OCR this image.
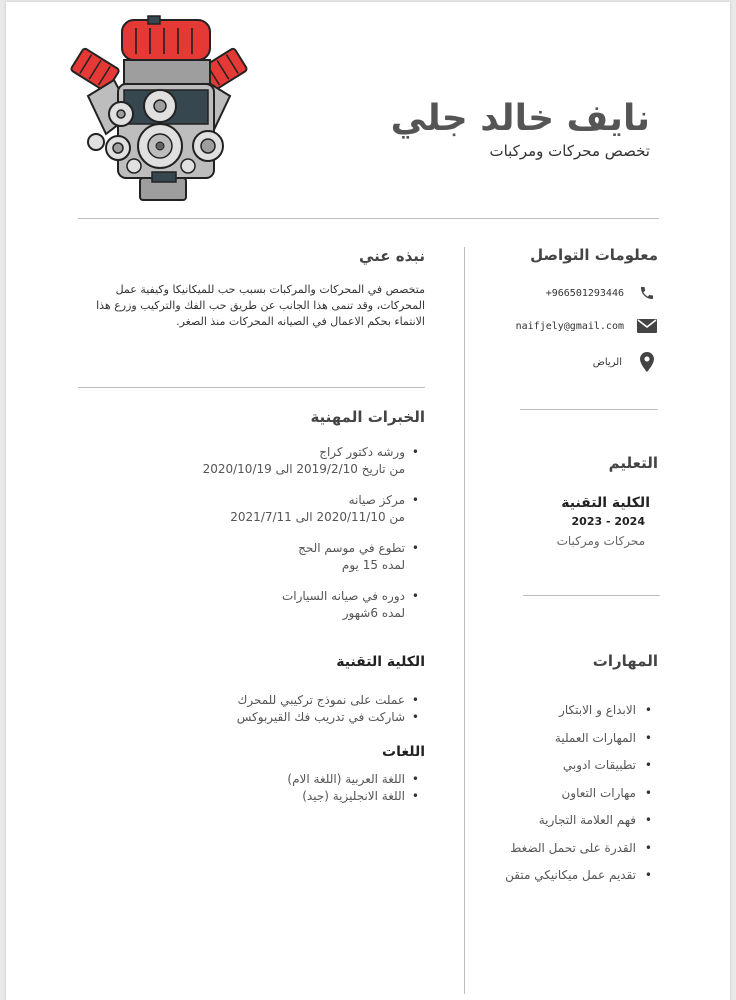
نايف خالد جلي
تخصص محركات ومركبات
نبذه عني
متخصص في المحركات والمركبات بسبب حب للميكانيكا وكيفية عمل المحركات، وقد تنمى هذا الجانب عن طريق حب الفك والتركيب وزرع هذا الانتماء بحكم الاعمال في الصيانه المحركات منذ الصغر.
الخبرات المهنية
• ورشه دكتور كراج
من تاريخ 2019/2/10 الى 2020/10/19
• مركز صيانه
من 2020/11/10 الى 2021/7/11
• تطوع في موسم الحج
لمده 15 يوم
• دوره في صيانه السيارات
لمده 6شهور
الكلية التقنية
• عملت على نموذج تركيبي للمحرك
• شاركت في تدريب فك القيربوكس
اللغات
• اللغة العربية (اللغة الام)
• اللغة الانجليزية (جيد)
معلومات التواصل
+966501293446
naifjely@gmail.com
الرياض
التعليم
الكلية التقنية
2023 - 2024
محركات ومركبات
المهارات
• الابداع و الابتكار
• المهارات العملية
• تطبيقات ادوبي
• مهارات التعاون
• فهم العلامة التجارية
• القدرة على تحمل الضغط
• تقديم عمل ميكانيكي متقن
